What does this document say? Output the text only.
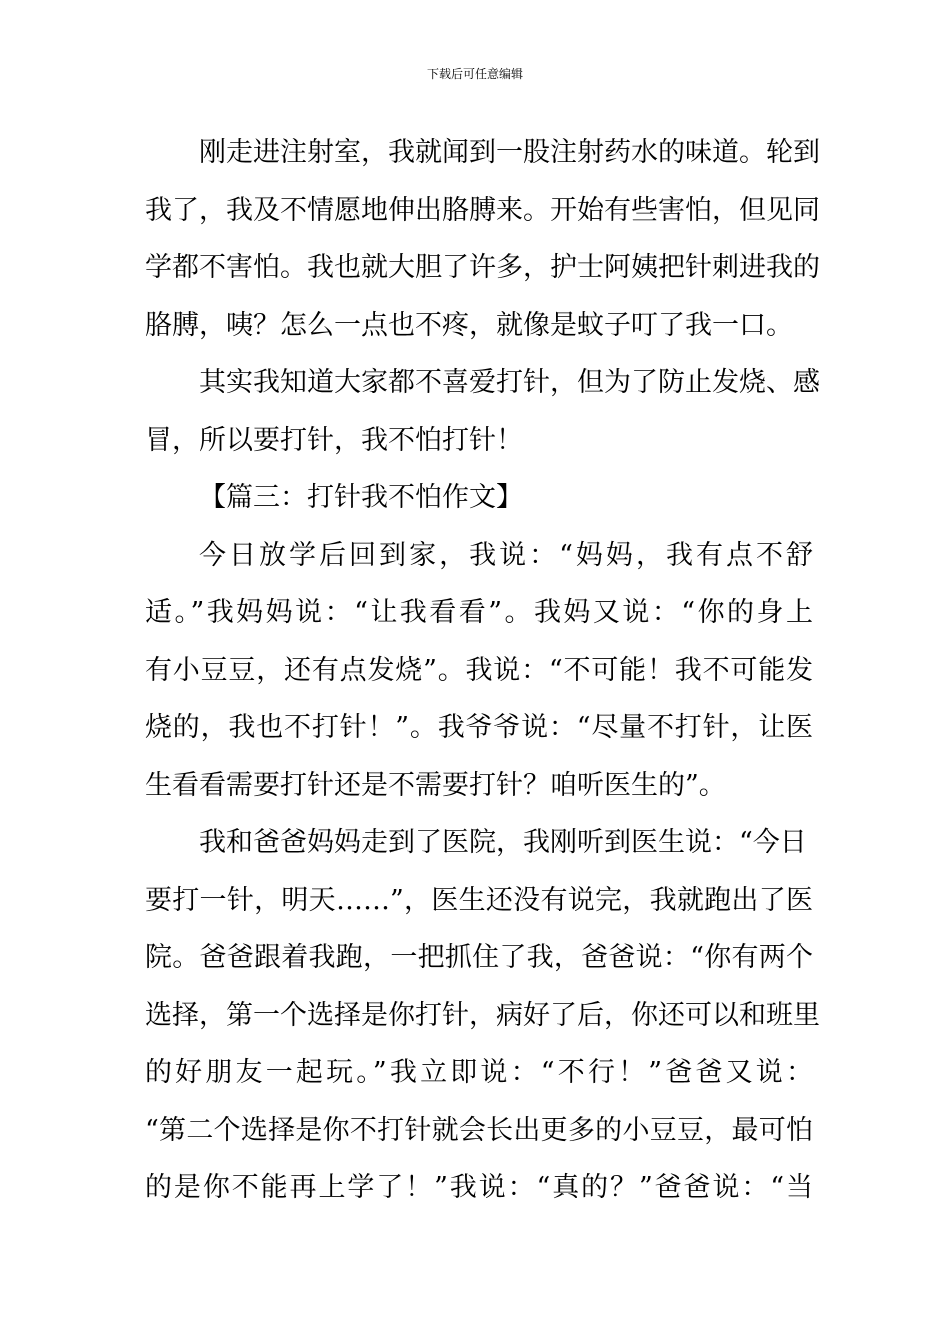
下载后可任意编辑
刚走进注射室，我就闻到一股注射药水的味道。轮到
我了，我及不情愿地伸出胳膊来。开始有些害怕，但见同
学都不害怕。我也就大胆了许多，护士阿姨把针刺进我的
胳膊，咦？怎么一点也不疼，就像是蚊子叮了我一口。
其实我知道大家都不喜爱打针，但为了防止发烧、感
冒，所以要打针，我不怕打针！
【篇三：打针我不怕作文】
今日放学后回到家，我说：“妈妈，我有点不舒
适。”我妈妈说：“让我看看”。我妈又说：“你的身上
有小豆豆，还有点发烧”。我说：“不可能！我不可能发
烧的，我也不打针！”。我爷爷说：“尽量不打针，让医
生看看需要打针还是不需要打针？咱听医生的”。
我和爸爸妈妈走到了医院，我刚听到医生说：“今日
要打一针，明天……”，医生还没有说完，我就跑出了医
院。爸爸跟着我跑，一把抓住了我，爸爸说：“你有两个
选择，第一个选择是你打针，病好了后，你还可以和班里
的好朋友一起玩。”我立即说：“不行！”爸爸又说：
“第二个选择是你不打针就会长出更多的小豆豆，最可怕
的是你不能再上学了！”我说：“真的？”爸爸说：“当
